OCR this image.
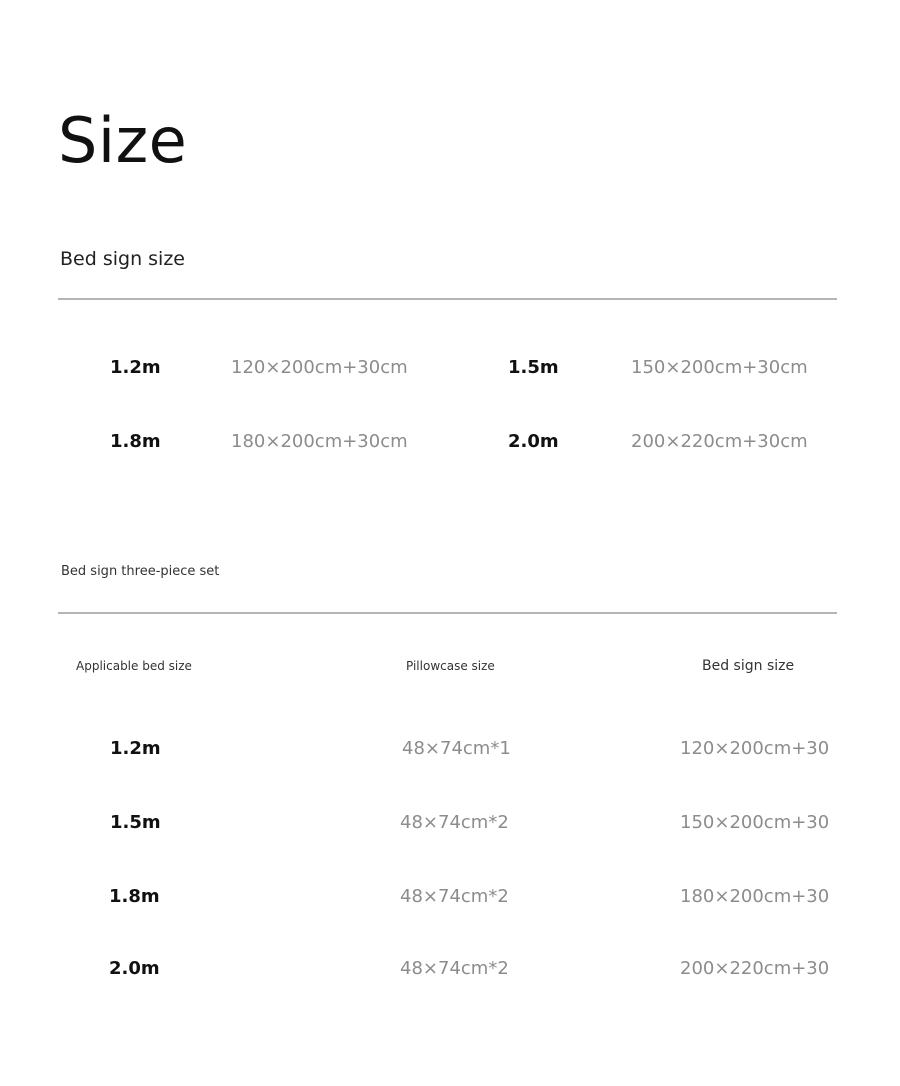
Size
Bed sign size
1.2m	120×200cm+30cm	1.5m	150×200cm+30cm
1.8m	180×200cm+30cm	2.0m	200×220cm+30cm
Bed sign three-piece set
Applicable bed size	Pillowcase size	Bed sign size
1.2m	48×74cm*1	120×200cm+30
1.5m	48×74cm*2	150×200cm+30
1.8m	48×74cm*2	180×200cm+30
2.0m	48×74cm*2	200×220cm+30
